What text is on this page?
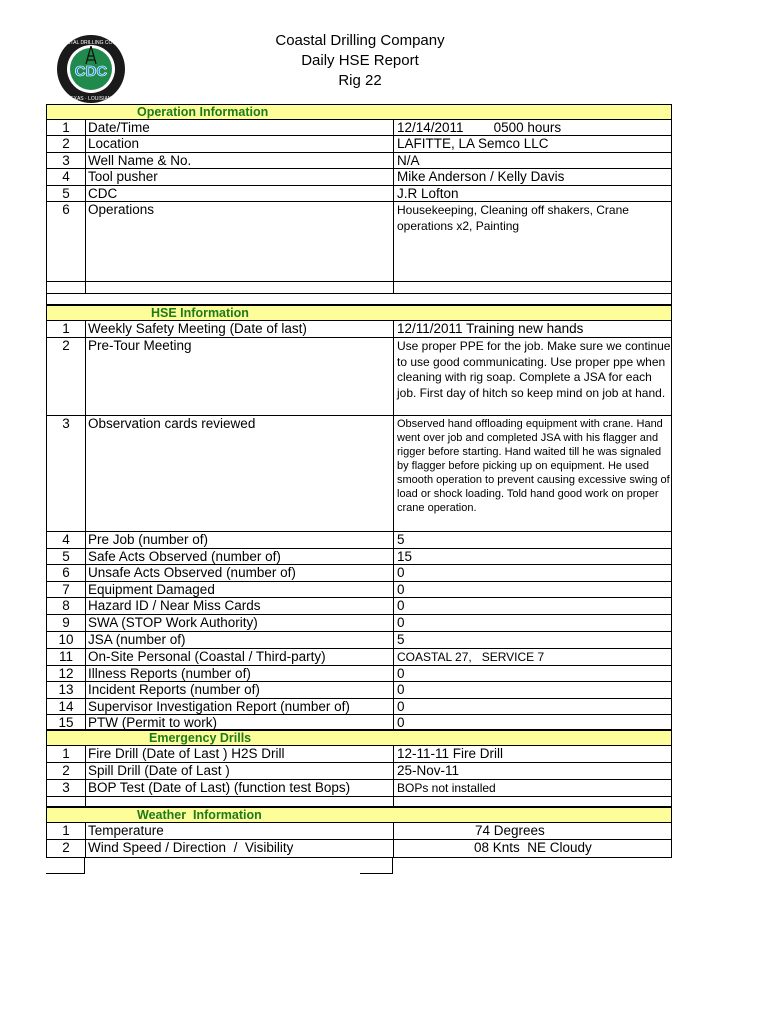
CDC
COASTAL DRILLING CO., LLC
TEXAS · LOUISIANA
Coastal Drilling Company
Daily HSE Report
Rig 22
Operation Information
1	Date/Time	12/14/2011        0500 hours
2	Location	LAFITTE, LA Semco LLC
3	Well Name & No.	N/A
4	Tool pusher	Mike Anderson / Kelly Davis
5	CDC	J.R Lofton
6	Operations	Housekeeping, Cleaning off shakers, Crane operations x2, Painting
HSE Information
1	Weekly Safety Meeting (Date of last)	12/11/2011 Training new hands
2	Pre-Tour Meeting	Use proper PPE for the job. Make sure we continue to use good communicating. Use proper ppe when cleaning with rig soap. Complete a JSA for each job. First day of hitch so keep mind on job at hand.
3	Observation cards reviewed	Observed hand offloading equipment with crane. Hand went over job and completed JSA with his flagger and rigger before starting. Hand waited till he was signaled by flagger before picking up on equipment. He used smooth operation to prevent causing excessive swing of load or shock loading. Told hand good work on proper crane operation.
4	Pre Job (number of)	5
5	Safe Acts Observed (number of)	15
6	Unsafe Acts Observed (number of)	0
7	Equipment Damaged	0
8	Hazard ID / Near Miss Cards	0
9	SWA (STOP Work Authority)	0
10	JSA (number of)	5
11	On-Site Personal (Coastal / Third-party)	COASTAL 27,   SERVICE 7
12	Illness Reports (number of)	0
13	Incident Reports (number of)	0
14	Supervisor Investigation Report (number of)	0
15	PTW (Permit to work)	0
Emergency Drills
1	Fire Drill (Date of Last ) H2S Drill	12-11-11 Fire Drill
2	Spill Drill (Date of Last )	25-Nov-11
3	BOP Test (Date of Last) (function test Bops)	BOPs not installed
Weather  Information
1	Temperature	74 Degrees
2	Wind Speed / Direction  /  Visibility	08 Knts  NE Cloudy
